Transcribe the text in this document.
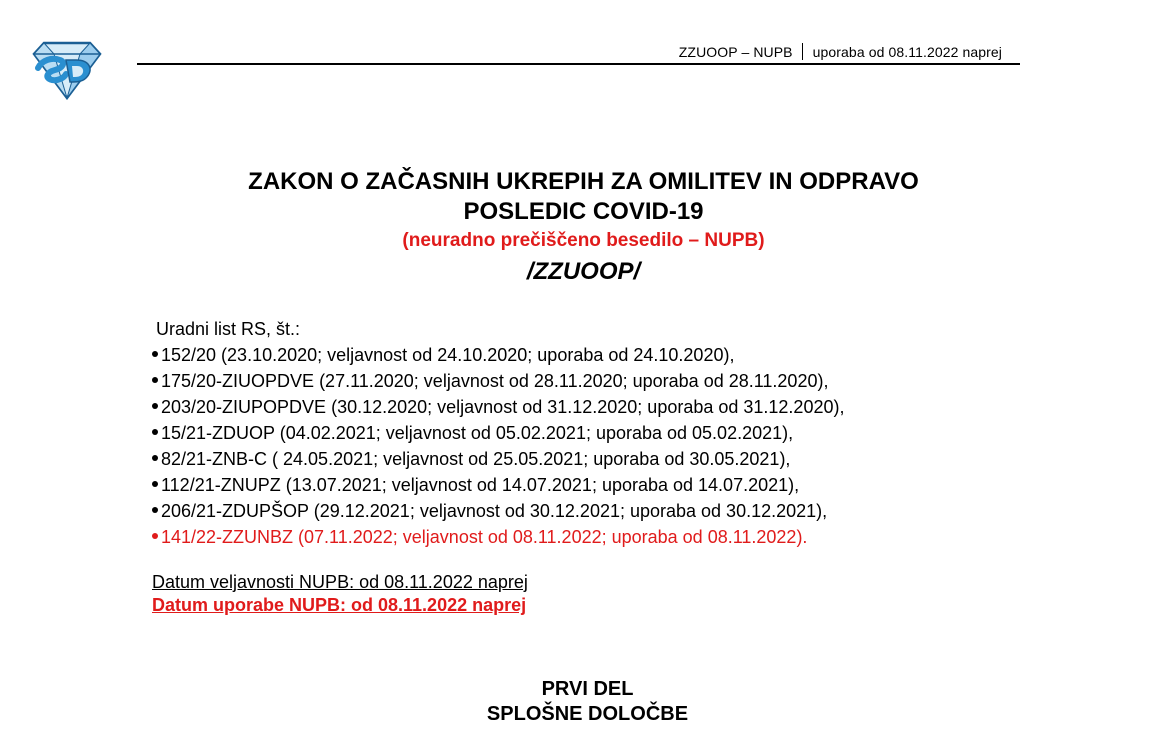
ZZUOOP – NUPB uporaba od 08.11.2022 naprej
ZAKON O ZAČASNIH UKREPIH ZA OMILITEV IN ODPRAVO
POSLEDIC COVID-19
(neuradno prečiščeno besedilo – NUPB)
/ZZUOOP/
Uradni list RS, št.:
152/20 (23.10.2020; veljavnost od 24.10.2020; uporaba od 24.10.2020),
175/20-ZIUOPDVE (27.11.2020; veljavnost od 28.11.2020; uporaba od 28.11.2020),
203/20-ZIUPOPDVE (30.12.2020; veljavnost od 31.12.2020; uporaba od 31.12.2020),
15/21-ZDUOP (04.02.2021; veljavnost od 05.02.2021; uporaba od 05.02.2021),
82/21-ZNB-C ( 24.05.2021; veljavnost od 25.05.2021; uporaba od 30.05.2021),
112/21-ZNUPZ (13.07.2021; veljavnost od 14.07.2021; uporaba od 14.07.2021),
206/21-ZDUPŠOP (29.12.2021; veljavnost od 30.12.2021; uporaba od 30.12.2021),
141/22-ZZUNBZ (07.11.2022; veljavnost od 08.11.2022; uporaba od 08.11.2022).
Datum veljavnosti NUPB: od 08.11.2022 naprej
Datum uporabe NUPB: od 08.11.2022 naprej
PRVI DEL
SPLOŠNE DOLOČBE
